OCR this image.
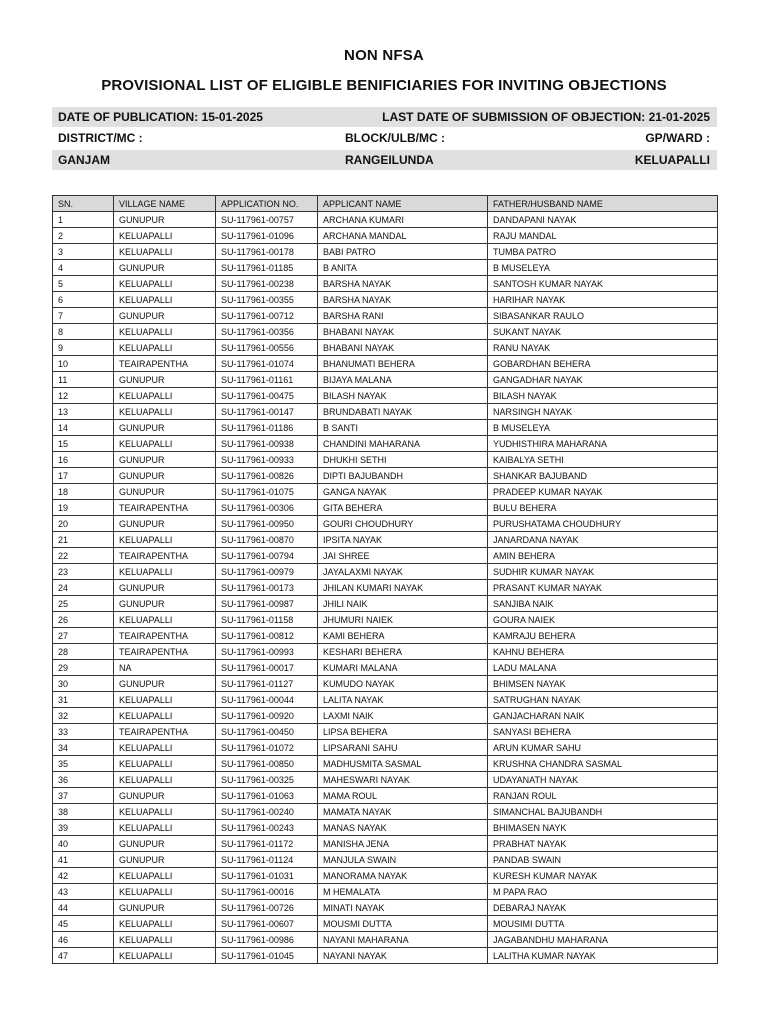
NON NFSA
PROVISIONAL LIST OF ELIGIBLE BENIFICIARIES FOR INVITING OBJECTIONS
DATE OF PUBLICATION: 15-01-2025	LAST DATE OF SUBMISSION OF OBJECTION: 21-01-2025
DISTRICT/MC :	BLOCK/ULB/MC :	GP/WARD :
GANJAM	RANGEILUNDA	KELUAPALLI
SN.	VILLAGE NAME	APPLICATION NO.	APPLICANT NAME	FATHER/HUSBAND NAME
1	GUNUPUR	SU-117961-00757	ARCHANA KUMARI	DANDAPANI NAYAK
2	KELUAPALLI	SU-117961-01096	ARCHANA MANDAL	RAJU MANDAL
3	KELUAPALLI	SU-117961-00178	BABI PATRO	TUMBA PATRO
4	GUNUPUR	SU-117961-01185	B ANITA	B MUSELEYA
5	KELUAPALLI	SU-117961-00238	BARSHA NAYAK	SANTOSH KUMAR NAYAK
6	KELUAPALLI	SU-117961-00355	BARSHA NAYAK	HARIHAR NAYAK
7	GUNUPUR	SU-117961-00712	BARSHA RANI	SIBASANKAR RAULO
8	KELUAPALLI	SU-117961-00356	BHABANI NAYAK	SUKANT NAYAK
9	KELUAPALLI	SU-117961-00556	BHABANI NAYAK	RANU NAYAK
10	TEAIRAPENTHA	SU-117961-01074	BHANUMATI BEHERA	GOBARDHAN BEHERA
11	GUNUPUR	SU-117961-01161	BIJAYA MALANA	GANGADHAR NAYAK
12	KELUAPALLI	SU-117961-00475	BILASH NAYAK	BILASH NAYAK
13	KELUAPALLI	SU-117961-00147	BRUNDABATI NAYAK	NARSINGH NAYAK
14	GUNUPUR	SU-117961-01186	B SANTI	B MUSELEYA
15	KELUAPALLI	SU-117961-00938	CHANDINI MAHARANA	YUDHISTHIRA MAHARANA
16	GUNUPUR	SU-117961-00933	DHUKHI SETHI	KAIBALYA SETHI
17	GUNUPUR	SU-117961-00826	DIPTI BAJUBANDH	SHANKAR BAJUBAND
18	GUNUPUR	SU-117961-01075	GANGA NAYAK	PRADEEP KUMAR NAYAK
19	TEAIRAPENTHA	SU-117961-00306	GITA BEHERA	BULU BEHERA
20	GUNUPUR	SU-117961-00950	GOURI CHOUDHURY	PURUSHATAMA CHOUDHURY
21	KELUAPALLI	SU-117961-00870	IPSITA NAYAK	JANARDANA NAYAK
22	TEAIRAPENTHA	SU-117961-00794	JAI SHREE	AMIN BEHERA
23	KELUAPALLI	SU-117961-00979	JAYALAXMI NAYAK	SUDHIR KUMAR NAYAK
24	GUNUPUR	SU-117961-00173	JHILAN KUMARI NAYAK	PRASANT KUMAR NAYAK
25	GUNUPUR	SU-117961-00987	JHILI NAIK	SANJIBA NAIK
26	KELUAPALLI	SU-117961-01158	JHUMURI NAIEK	GOURA NAIEK
27	TEAIRAPENTHA	SU-117961-00812	KAMI BEHERA	KAMRAJU BEHERA
28	TEAIRAPENTHA	SU-117961-00993	KESHARI BEHERA	KAHNU BEHERA
29	NA	SU-117961-00017	KUMARI MALANA	LADU MALANA
30	GUNUPUR	SU-117961-01127	KUMUDO NAYAK	BHIMSEN NAYAK
31	KELUAPALLI	SU-117961-00044	LALITA NAYAK	SATRUGHAN NAYAK
32	KELUAPALLI	SU-117961-00920	LAXMI NAIK	GANJACHARAN NAIK
33	TEAIRAPENTHA	SU-117961-00450	LIPSA BEHERA	SANYASI BEHERA
34	KELUAPALLI	SU-117961-01072	LIPSARANI SAHU	ARUN KUMAR SAHU
35	KELUAPALLI	SU-117961-00850	MADHUSMITA SASMAL	KRUSHNA CHANDRA SASMAL
36	KELUAPALLI	SU-117961-00325	MAHESWARI NAYAK	UDAYANATH NAYAK
37	GUNUPUR	SU-117961-01063	MAMA ROUL	RANJAN ROUL
38	KELUAPALLI	SU-117961-00240	MAMATA NAYAK	SIMANCHAL BAJUBANDH
39	KELUAPALLI	SU-117961-00243	MANAS NAYAK	BHIMASEN NAYK
40	GUNUPUR	SU-117961-01172	MANISHA JENA	PRABHAT NAYAK
41	GUNUPUR	SU-117961-01124	MANJULA SWAIN	PANDAB SWAIN
42	KELUAPALLI	SU-117961-01031	MANORAMA NAYAK	KURESH KUMAR NAYAK
43	KELUAPALLI	SU-117961-00016	M HEMALATA	M PAPA RAO
44	GUNUPUR	SU-117961-00726	MINATI NAYAK	DEBARAJ NAYAK
45	KELUAPALLI	SU-117961-00607	MOUSMI DUTTA	MOUSIMI DUTTA
46	KELUAPALLI	SU-117961-00986	NAYANI MAHARANA	JAGABANDHU MAHARANA
47	KELUAPALLI	SU-117961-01045	NAYANI NAYAK	LALITHA KUMAR NAYAK
